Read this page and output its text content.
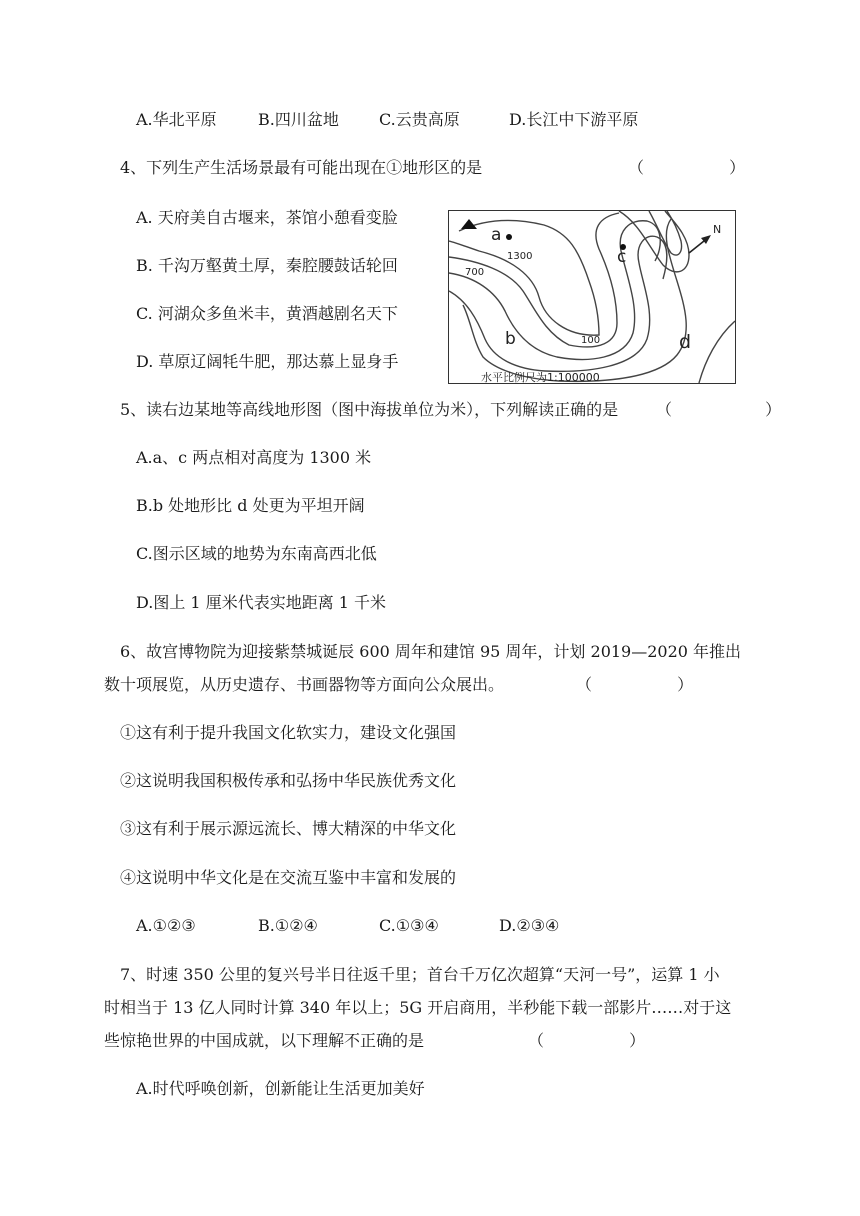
A.华北平原	B.四川盆地	C.云贵高原	D.长江中下游平原
4、下列生产生活场景最有可能出现在①地形区的是	（ ）
A. 天府美自古堰来，茶馆小憩看变脸
B. 千沟万壑黄土厚，秦腔腰鼓话轮回
C. 河湖众多鱼米丰，黄酒越剧名天下
D. 草原辽阔牦牛肥，那达慕上显身手
a
c
b	d
N
1300
700
100
水平比例尺为1:100000
5、读右边某地等高线地形图（图中海拔单位为米），下列解读正确的是 （ ）
A.a、c 两点相对高度为 1300 米
B.b 处地形比 d 处更为平坦开阔
C.图示区域的地势为东南高西北低
D.图上 1 厘米代表实地距离 1 千米
6、故宫博物院为迎接紫禁城诞辰 600 周年和建馆 95 周年，计划 2019—2020 年推出
数十项展览，从历史遗存、书画器物等方面向公众展出。	（ ）
①这有利于提升我国文化软实力，建设文化强国
②这说明我国积极传承和弘扬中华民族优秀文化
③这有利于展示源远流长、博大精深的中华文化
④这说明中华文化是在交流互鉴中丰富和发展的
A.①②③	B.①②④	C.①③④	D.②③④
7、时速 350 公里的复兴号半日往返千里；首台千万亿次超算“天河一号”，运算 1 小
时相当于 13 亿人同时计算 340 年以上；5G 开启商用，半秒能下载一部影片……对于这
些惊艳世界的中国成就，以下理解不正确的是	（ ）
A.时代呼唤创新，创新能让生活更加美好
